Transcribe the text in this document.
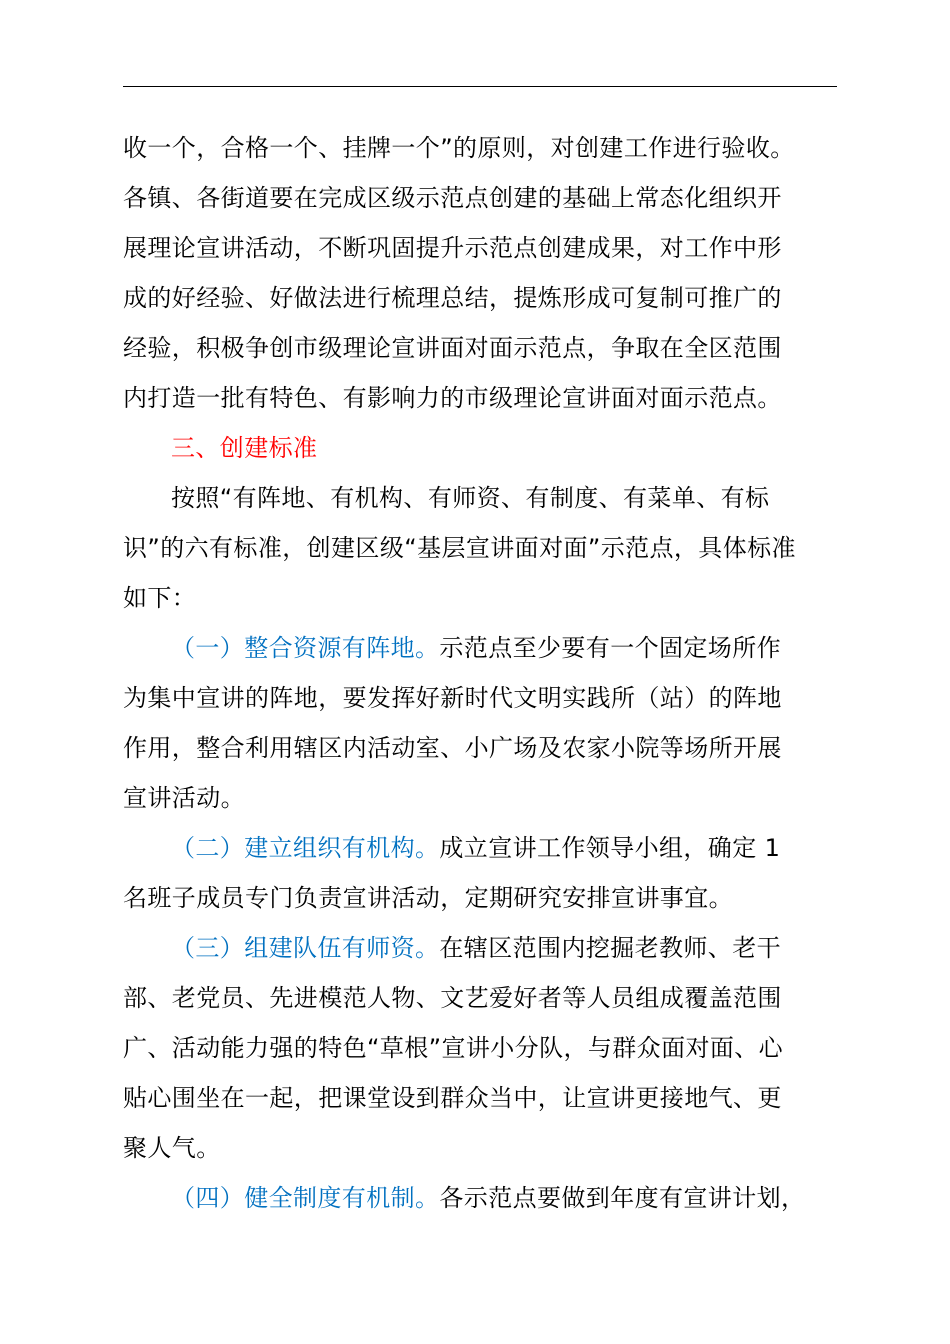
收一个，合格一个、挂牌一个”的原则，对创建工作进行验收。
各镇、各街道要在完成区级示范点创建的基础上常态化组织开
展理论宣讲活动，不断巩固提升示范点创建成果，对工作中形
成的好经验、好做法进行梳理总结，提炼形成可复制可推广的
经验，积极争创市级理论宣讲面对面示范点，争取在全区范围
内打造一批有特色、有影响力的市级理论宣讲面对面示范点。
三、创建标准
按照“有阵地、有机构、有师资、有制度、有菜单、有标
识”的六有标准，创建区级“基层宣讲面对面”示范点，具体标准
如下：
（一）整合资源有阵地。示范点至少要有一个固定场所作
为集中宣讲的阵地，要发挥好新时代文明实践所（站）的阵地
作用，整合利用辖区内活动室、小广场及农家小院等场所开展
宣讲活动。
（二）建立组织有机构。成立宣讲工作领导小组，确定 1
名班子成员专门负责宣讲活动，定期研究安排宣讲事宜。
（三）组建队伍有师资。在辖区范围内挖掘老教师、老干
部、老党员、先进模范人物、文艺爱好者等人员组成覆盖范围
广、活动能力强的特色“草根”宣讲小分队，与群众面对面、心
贴心围坐在一起，把课堂设到群众当中，让宣讲更接地气、更
聚人气。
（四）健全制度有机制。各示范点要做到年度有宣讲计划，
